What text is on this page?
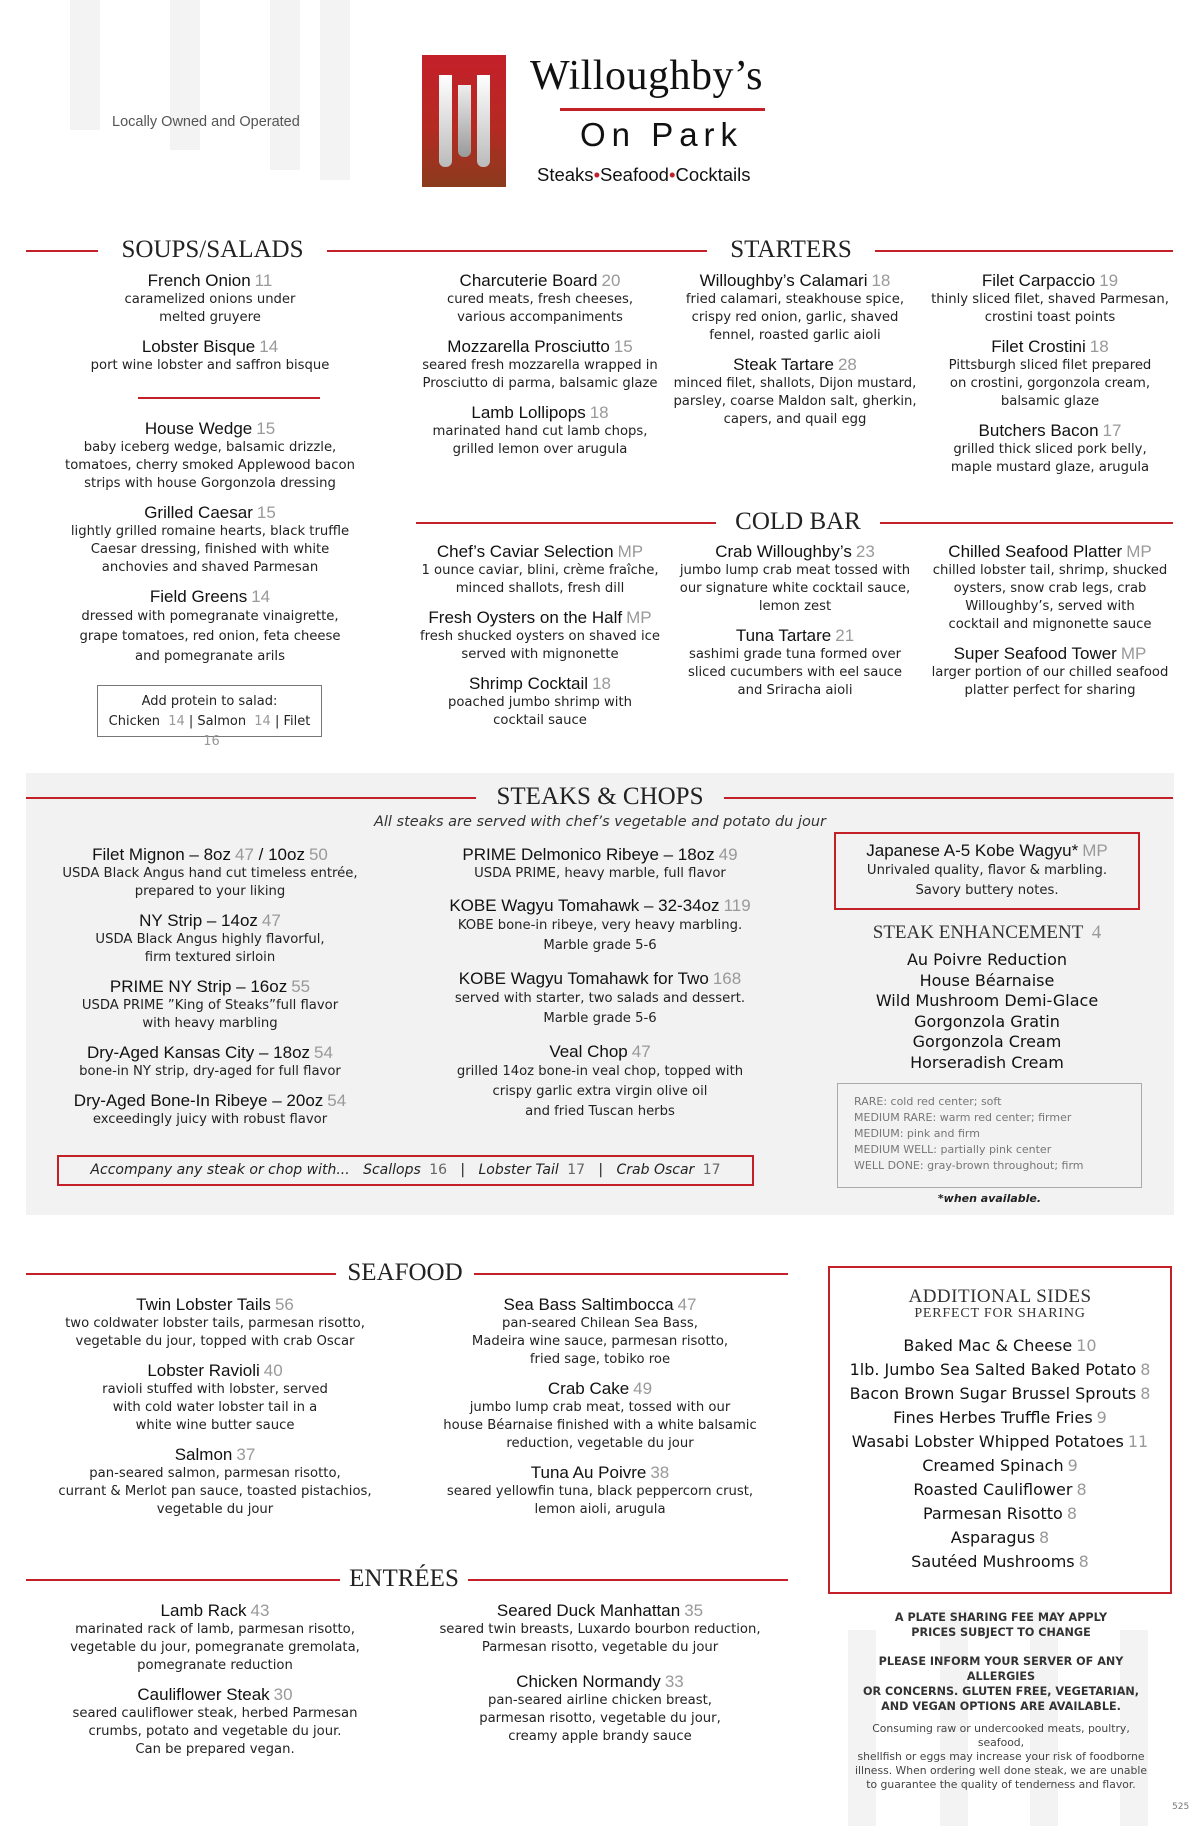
Locally Owned and Operated
Willoughby’s
On Park
Steaks•Seafood•Cocktails
SOUPS/SALADS	STARTERS
French Onion 11
caramelized onions under
melted gruyere
Lobster Bisque 14
port wine lobster and saffron bisque
House Wedge 15
baby iceberg wedge, balsamic drizzle,
tomatoes, cherry smoked Applewood bacon
strips with house Gorgonzola dressing
Grilled Caesar 15
lightly grilled romaine hearts, black truffle
Caesar dressing, finished with white
anchovies and shaved Parmesan
Field Greens 14
dressed with pomegranate vinaigrette,
grape tomatoes, red onion, feta cheese
and pomegranate arils
Add protein to salad:
Chicken 14 | Salmon 14 | Filet 16
Charcuterie Board 20
cured meats, fresh cheeses,
various accompaniments
Mozzarella Prosciutto 15
seared fresh mozzarella wrapped in
Prosciutto di parma, balsamic glaze
Lamb Lollipops 18
marinated hand cut lamb chops,
grilled lemon over arugula
Willoughby’s Calamari 18
fried calamari, steakhouse spice,
crispy red onion, garlic, shaved
fennel, roasted garlic aioli
Steak Tartare 28
minced filet, shallots, Dijon mustard,
parsley, coarse Maldon salt, gherkin,
capers, and quail egg
Filet Carpaccio 19
thinly sliced filet, shaved Parmesan,
crostini toast points
Filet Crostini 18
Pittsburgh sliced filet prepared
on crostini, gorgonzola cream,
balsamic glaze
Butchers Bacon 17
grilled thick sliced pork belly,
maple mustard glaze, arugula
COLD BAR
Chef’s Caviar Selection MP
1 ounce caviar, blini, crème fraîche,
minced shallots, fresh dill
Fresh Oysters on the Half MP
fresh shucked oysters on shaved ice
served with mignonette
Shrimp Cocktail 18
poached jumbo shrimp with
cocktail sauce
Crab Willoughby’s 23
jumbo lump crab meat tossed with
our signature white cocktail sauce,
lemon zest
Tuna Tartare 21
sashimi grade tuna formed over
sliced cucumbers with eel sauce
and Sriracha aioli
Chilled Seafood Platter MP
chilled lobster tail, shrimp, shucked
oysters, snow crab legs, crab
Willoughby’s, served with
cocktail and mignonette sauce
Super Seafood Tower MP
larger portion of our chilled seafood
platter perfect for sharing
STEAKS & CHOPS
All steaks are served with chef’s vegetable and potato du jour
Filet Mignon – 8oz 47 / 10oz 50
USDA Black Angus hand cut timeless entrée,
prepared to your liking
NY Strip – 14oz 47
USDA Black Angus highly flavorful,
firm textured sirloin
PRIME NY Strip – 16oz 55
USDA PRIME ”King of Steaks”full flavor
with heavy marbling
Dry-Aged Kansas City – 18oz 54
bone-in NY strip, dry-aged for full flavor
Dry-Aged Bone-In Ribeye – 20oz 54
exceedingly juicy with robust flavor
PRIME Delmonico Ribeye – 18oz 49
USDA PRIME, heavy marble, full flavor
KOBE Wagyu Tomahawk – 32-34oz 119
KOBE bone-in ribeye, very heavy marbling.
Marble grade 5-6
KOBE Wagyu Tomahawk for Two 168
served with starter, two salads and dessert.
Marble grade 5-6
Veal Chop 47
grilled 14oz bone-in veal chop, topped with
crispy garlic extra virgin olive oil
and fried Tuscan herbs
Japanese A-5 Kobe Wagyu* MP
Unrivaled quality, flavor & marbling.
Savory buttery notes.
STEAK ENHANCEMENT 4
Au Poivre Reduction
House Béarnaise
Wild Mushroom Demi-Glace
Gorgonzola Gratin
Gorgonzola Cream
Horseradish Cream
RARE: cold red center; soft
MEDIUM RARE: warm red center; firmer
MEDIUM: pink and firm
MEDIUM WELL: partially pink center
WELL DONE: gray-brown throughout; firm
*when available.
Accompany any steak or chop with... Scallops 16 | Lobster Tail 17 | Crab Oscar 17
SEAFOOD
Twin Lobster Tails 56
two coldwater lobster tails, parmesan risotto,
vegetable du jour, topped with crab Oscar
Lobster Ravioli 40
ravioli stuffed with lobster, served
with cold water lobster tail in a
white wine butter sauce
Salmon 37
pan-seared salmon, parmesan risotto,
currant & Merlot pan sauce, toasted pistachios,
vegetable du jour
Sea Bass Saltimbocca 47
pan-seared Chilean Sea Bass,
Madeira wine sauce, parmesan risotto,
fried sage, tobiko roe
Crab Cake 49
jumbo lump crab meat, tossed with our
house Béarnaise finished with a white balsamic
reduction, vegetable du jour
Tuna Au Poivre 38
seared yellowfin tuna, black peppercorn crust,
lemon aioli, arugula
ENTRÉES
Lamb Rack 43
marinated rack of lamb, parmesan risotto,
vegetable du jour, pomegranate gremolata,
pomegranate reduction
Cauliflower Steak 30
seared cauliflower steak, herbed Parmesan
crumbs, potato and vegetable du jour.
Can be prepared vegan.
Seared Duck Manhattan 35
seared twin breasts, Luxardo bourbon reduction,
Parmesan risotto, vegetable du jour
Chicken Normandy 33
pan-seared airline chicken breast,
parmesan risotto, vegetable du jour,
creamy apple brandy sauce
ADDITIONAL SIDES
PERFECT FOR SHARING
Baked Mac & Cheese 10
1lb. Jumbo Sea Salted Baked Potato 8
Bacon Brown Sugar Brussel Sprouts 8
Fines Herbes Truffle Fries 9
Wasabi Lobster Whipped Potatoes 11
Creamed Spinach 9
Roasted Cauliflower 8
Parmesan Risotto 8
Asparagus 8
Sautéed Mushrooms 8
A PLATE SHARING FEE MAY APPLY
PRICES SUBJECT TO CHANGE
PLEASE INFORM YOUR SERVER OF ANY ALLERGIES
OR CONCERNS. GLUTEN FREE, VEGETARIAN,
AND VEGAN OPTIONS ARE AVAILABLE.
Consuming raw or undercooked meats, poultry, seafood,
shellfish or eggs may increase your risk of foodborne
illness. When ordering well done steak, we are unable
to guarantee the quality of tenderness and flavor.
525
